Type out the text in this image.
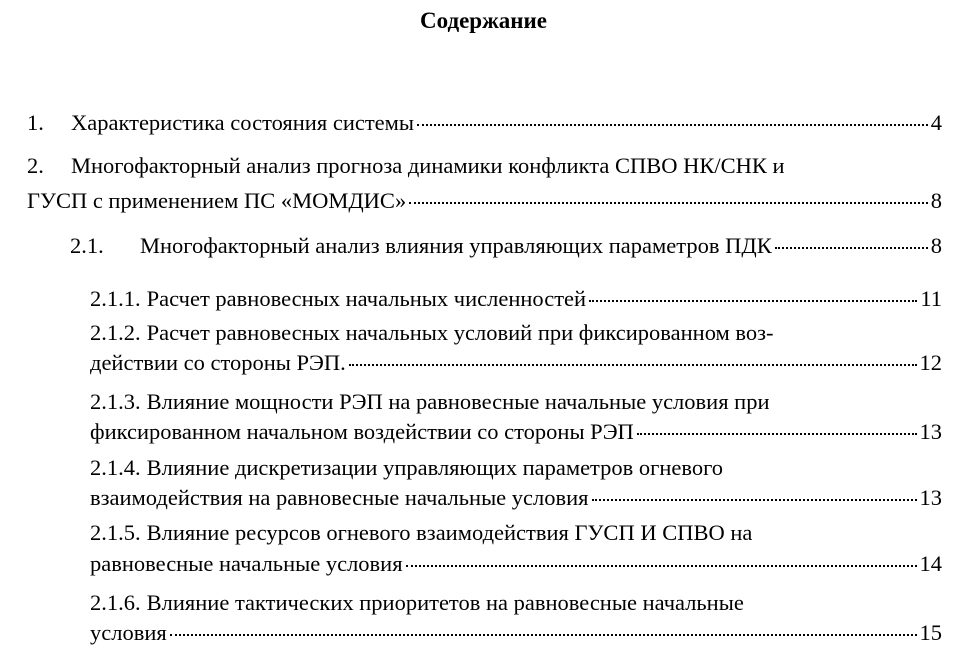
Содержание
1.	Характеристика состояния системы	4
2. Многофакторный анализ прогноза динамики конфликта СПВО НК/СНК и
ГУСП с применением ПС «МОМДИС»	8
2.1.	Многофакторный анализ влияния управляющих параметров ПДК	8
2.1.1. Расчет равновесных начальных численностей	11
2.1.2. Расчет равновесных начальных условий при фиксированном воз-
действии со стороны РЭП.	12
2.1.3. Влияние мощности РЭП на равновесные начальные условия при
фиксированном начальном воздействии со стороны РЭП	13
2.1.4. Влияние дискретизации управляющих параметров огневого
взаимодействия на равновесные начальные условия	13
2.1.5. Влияние ресурсов огневого взаимодействия ГУСП И СПВО на
равновесные начальные условия	14
2.1.6. Влияние тактических приоритетов на равновесные начальные
условия	15
